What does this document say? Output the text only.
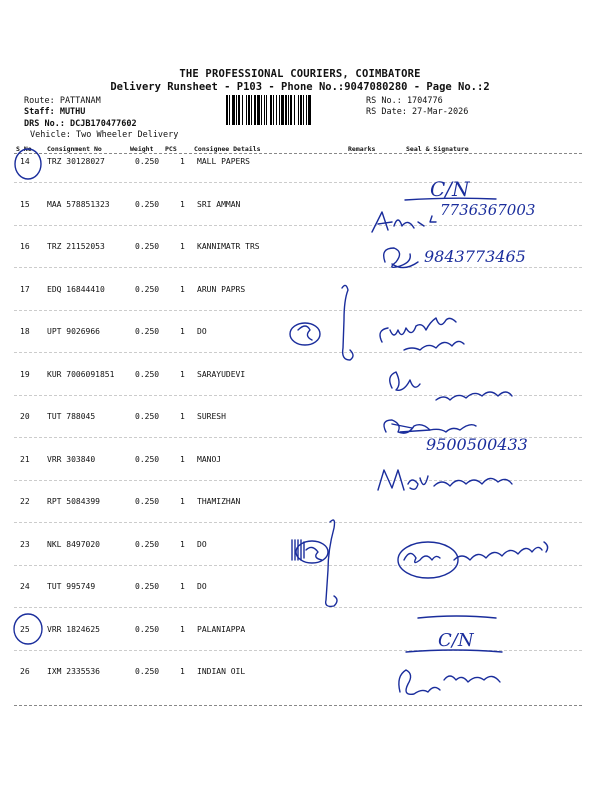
THE PROFESSIONAL COURIERS, COIMBATORE
Delivery Runsheet - P103 - Phone No.:9047080280 - Page No.:2
Route: PATTANAM
Staff: MUTHU
DRS No.: DCJB170477602
Vehicle: Two Wheeler Delivery
RS No.: 1704776
RS Date: 27-Mar-2026
S No Consignment No	Weight PCS	Consignee Details	Remarks	Seal & Signature
14 TRZ 30128027	0.250	1 MALL PAPERS
15 MAA 578851323	0.250	1 SRI AMMAN
16 TRZ 21152053	0.250	1 KANNIMATR TRS
17 EDQ 16844410	0.250	1 ARUN PAPRS
18 UPT 9026966	0.250	1 DO
19 KUR 7006091851	0.250	1 SARAYUDEVI
20 TUT 788045	0.250	1 SURESH
21 VRR 303840	0.250	1 MANOJ
22 RPT 5084399	0.250	1 THAMIZHAN
23 NKL 8497020	0.250	1 DO
24 TUT 995749	0.250	1 DO
25 VRR 1824625	0.250	1 PALANIAPPA
26 IXM 2335536	0.250	1 INDIAN OIL
C/N
7736367003
9843773465
9500500433
C/N
